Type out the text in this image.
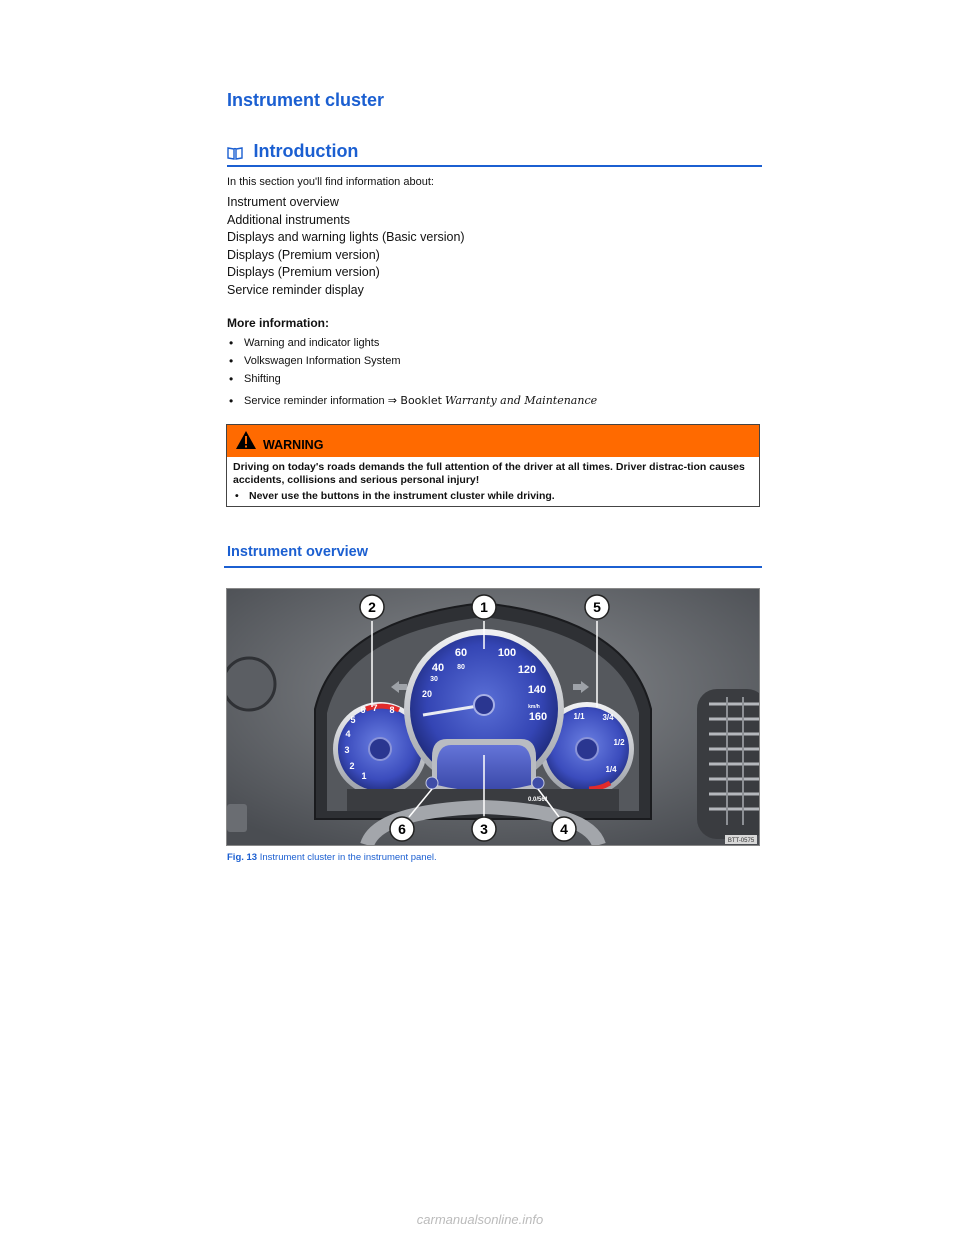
Instrument cluster
Introduction
In this section you'll find information about:
Instrument overview
Additional instruments
Displays and warning lights (Basic version)
Displays (Premium version)
Displays (Premium version)
Service reminder display
More information:
• Warning and indicator lights
• Volkswagen Information System
• Shifting
• Service reminder information ⇒ Booklet Warranty and Maintenance
WARNING
Driving on today's roads demands the full attention of the driver at all times. Driver distrac-tion causes accidents, collisions and serious personal injury!
• Never use the buttons in the instrument cluster while driving.
Instrument overview
20
30
40
60
80
100
120
140
160
km/h
1
2
3
4
5
6 7 8
1/1 3/4
1/2
1/4
0.0/561
1
2
3	4
5
6
BTT-0575
Fig. 13 Instrument cluster in the instrument panel.
carmanualsonline.info
